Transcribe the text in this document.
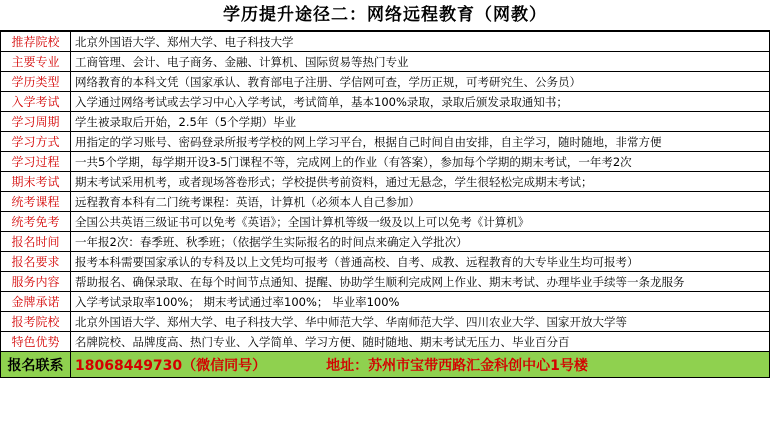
学历提升途径二：网络远程教育（网教）
推荐院校	北京外国语大学、郑州大学、电子科技大学
主要专业	工商管理、会计、电子商务、金融、计算机、国际贸易等热门专业
学历类型	网络教育的本科文凭（国家承认、教育部电子注册、学信网可查，学历正规，可考研究生、公务员）
入学考试	入学通过网络考试或去学习中心入学考试，考试简单，基本100%录取，录取后颁发录取通知书；
学习周期	学生被录取后开始，2.5年（5个学期）毕业
学习方式	用指定的学习账号、密码登录所报考学校的网上学习平台，根据自己时间自由安排，自主学习，随时随地，非常方便
学习过程	一共5个学期，每学期开设3-5门课程不等，完成网上的作业（有答案），参加每个学期的期末考试，一年考2次
期末考试	期末考试采用机考，或者现场答卷形式；学校提供考前资料，通过无悬念，学生很轻松完成期末考试；
统考课程	远程教育本科有二门统考课程：英语，计算机（必须本人自己参加）
统考免考	全国公共英语三级证书可以免考《英语》；全国计算机等级一级及以上可以免考《计算机》
报名时间	一年报2次：春季班、秋季班；（依据学生实际报名的时间点来确定入学批次）
报名要求	报考本科需要国家承认的专科及以上文凭均可报考（普通高校、自考、成教、远程教育的大专毕业生均可报考）
服务内容	帮助报名、确保录取、在每个时间节点通知、提醒、协助学生顺利完成网上作业、期末考试、办理毕业手续等一条龙服务
金牌承诺	入学考试录取率100%； 期末考试通过率100%； 毕业率100%
报考院校	北京外国语大学、郑州大学、电子科技大学、华中师范大学、华南师范大学、四川农业大学、国家开放大学等
特色优势	名牌院校、品牌度高、热门专业、入学简单、学习方便、随时随地、期末考试无压力、毕业百分百
报名联系	18068449730（微信同号） 地址：苏州市宝带西路汇金科创中心1号楼
